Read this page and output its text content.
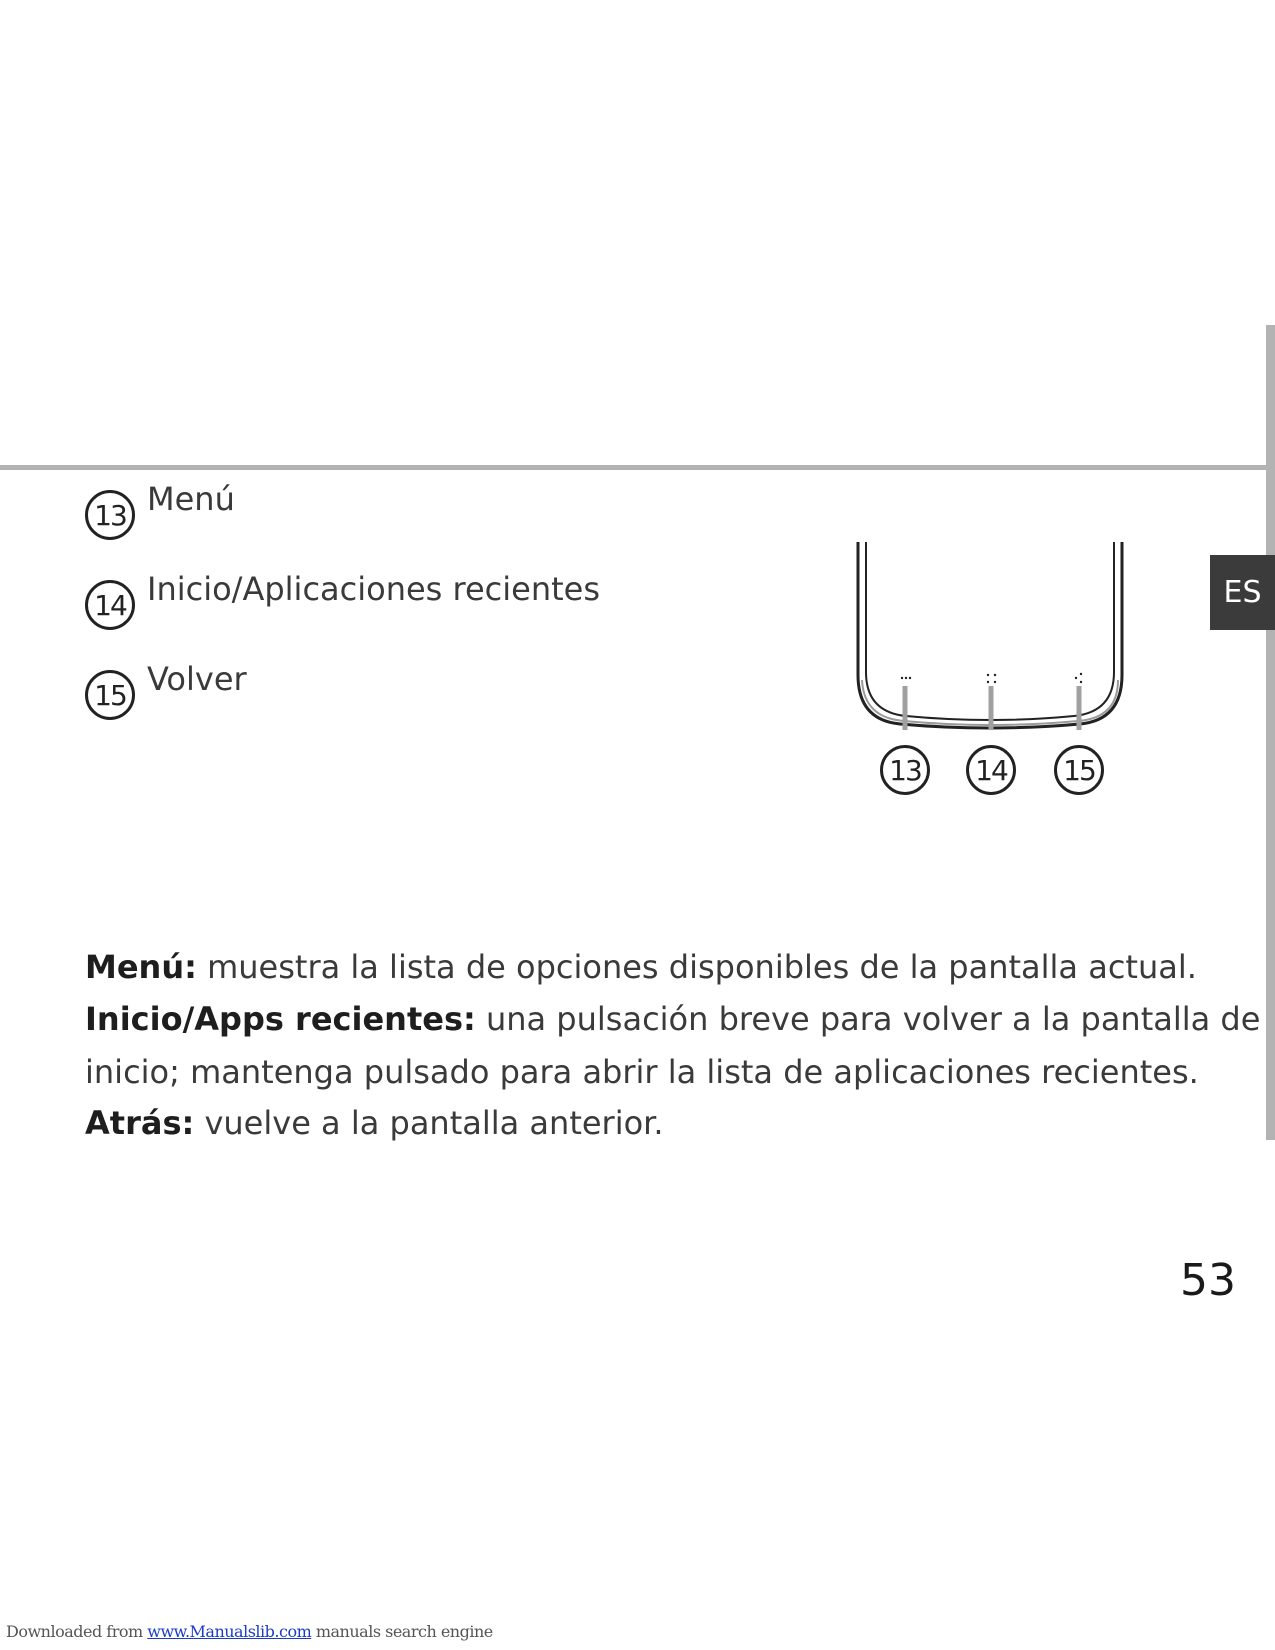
ES
13 Menú
14 Inicio/Aplicaciones recientes
15 Volver
13	14	15
Menú: muestra la lista de opciones disponibles de la pantalla actual.
Inicio/Apps recientes: una pulsación breve para volver a la pantalla de
inicio; mantenga pulsado para abrir la lista de aplicaciones recientes.
Atrás: vuelve a la pantalla anterior.
53
Downloaded from www.Manualslib.com manuals search engine
